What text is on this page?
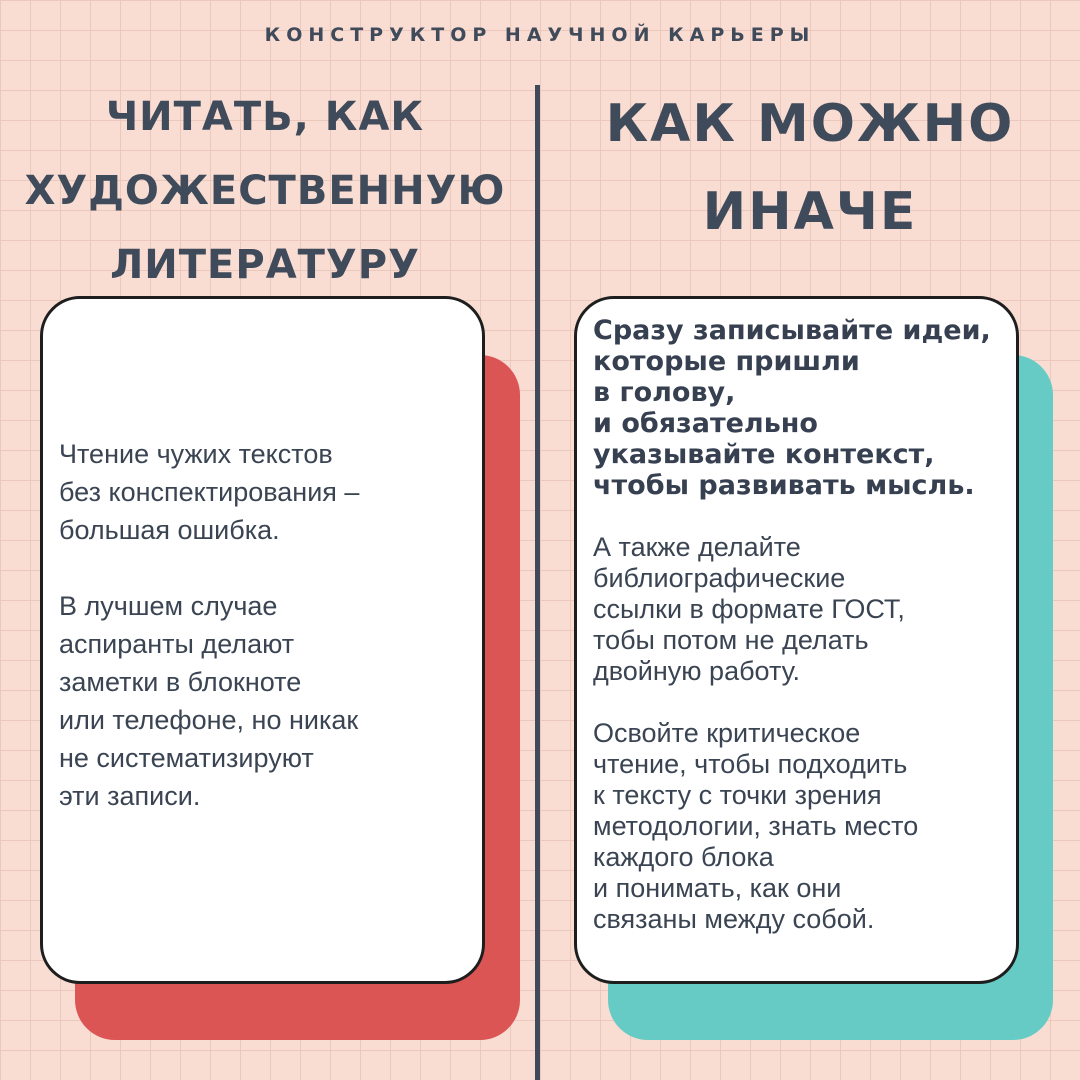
КОНСТРУКТОР НАУЧНОЙ КАРЬЕРЫ
ЧИТАТЬ, КАК
ХУДОЖЕСТВЕННУЮ
ЛИТЕРАТУРУ
КАК МОЖНО
ИНАЧЕ

Чтение чужих текстов
без конспектирования –
большая ошибка.

В лучшем случае
аспиранты делают
заметки в блокноте
или телефоне, но никак
не систематизируют
эти записи.

Сразу записывайте идеи,
которые пришли
в голову,
и обязательно
указывайте контекст,
чтобы развивать мысль.

А также делайте
библиографические
ссылки в формате ГОСТ,
тобы потом не делать
двойную работу.

Освойте критическое
чтение, чтобы подходить
к тексту с точки зрения
методологии, знать место
каждого блока
и понимать, как они
связаны между собой.
